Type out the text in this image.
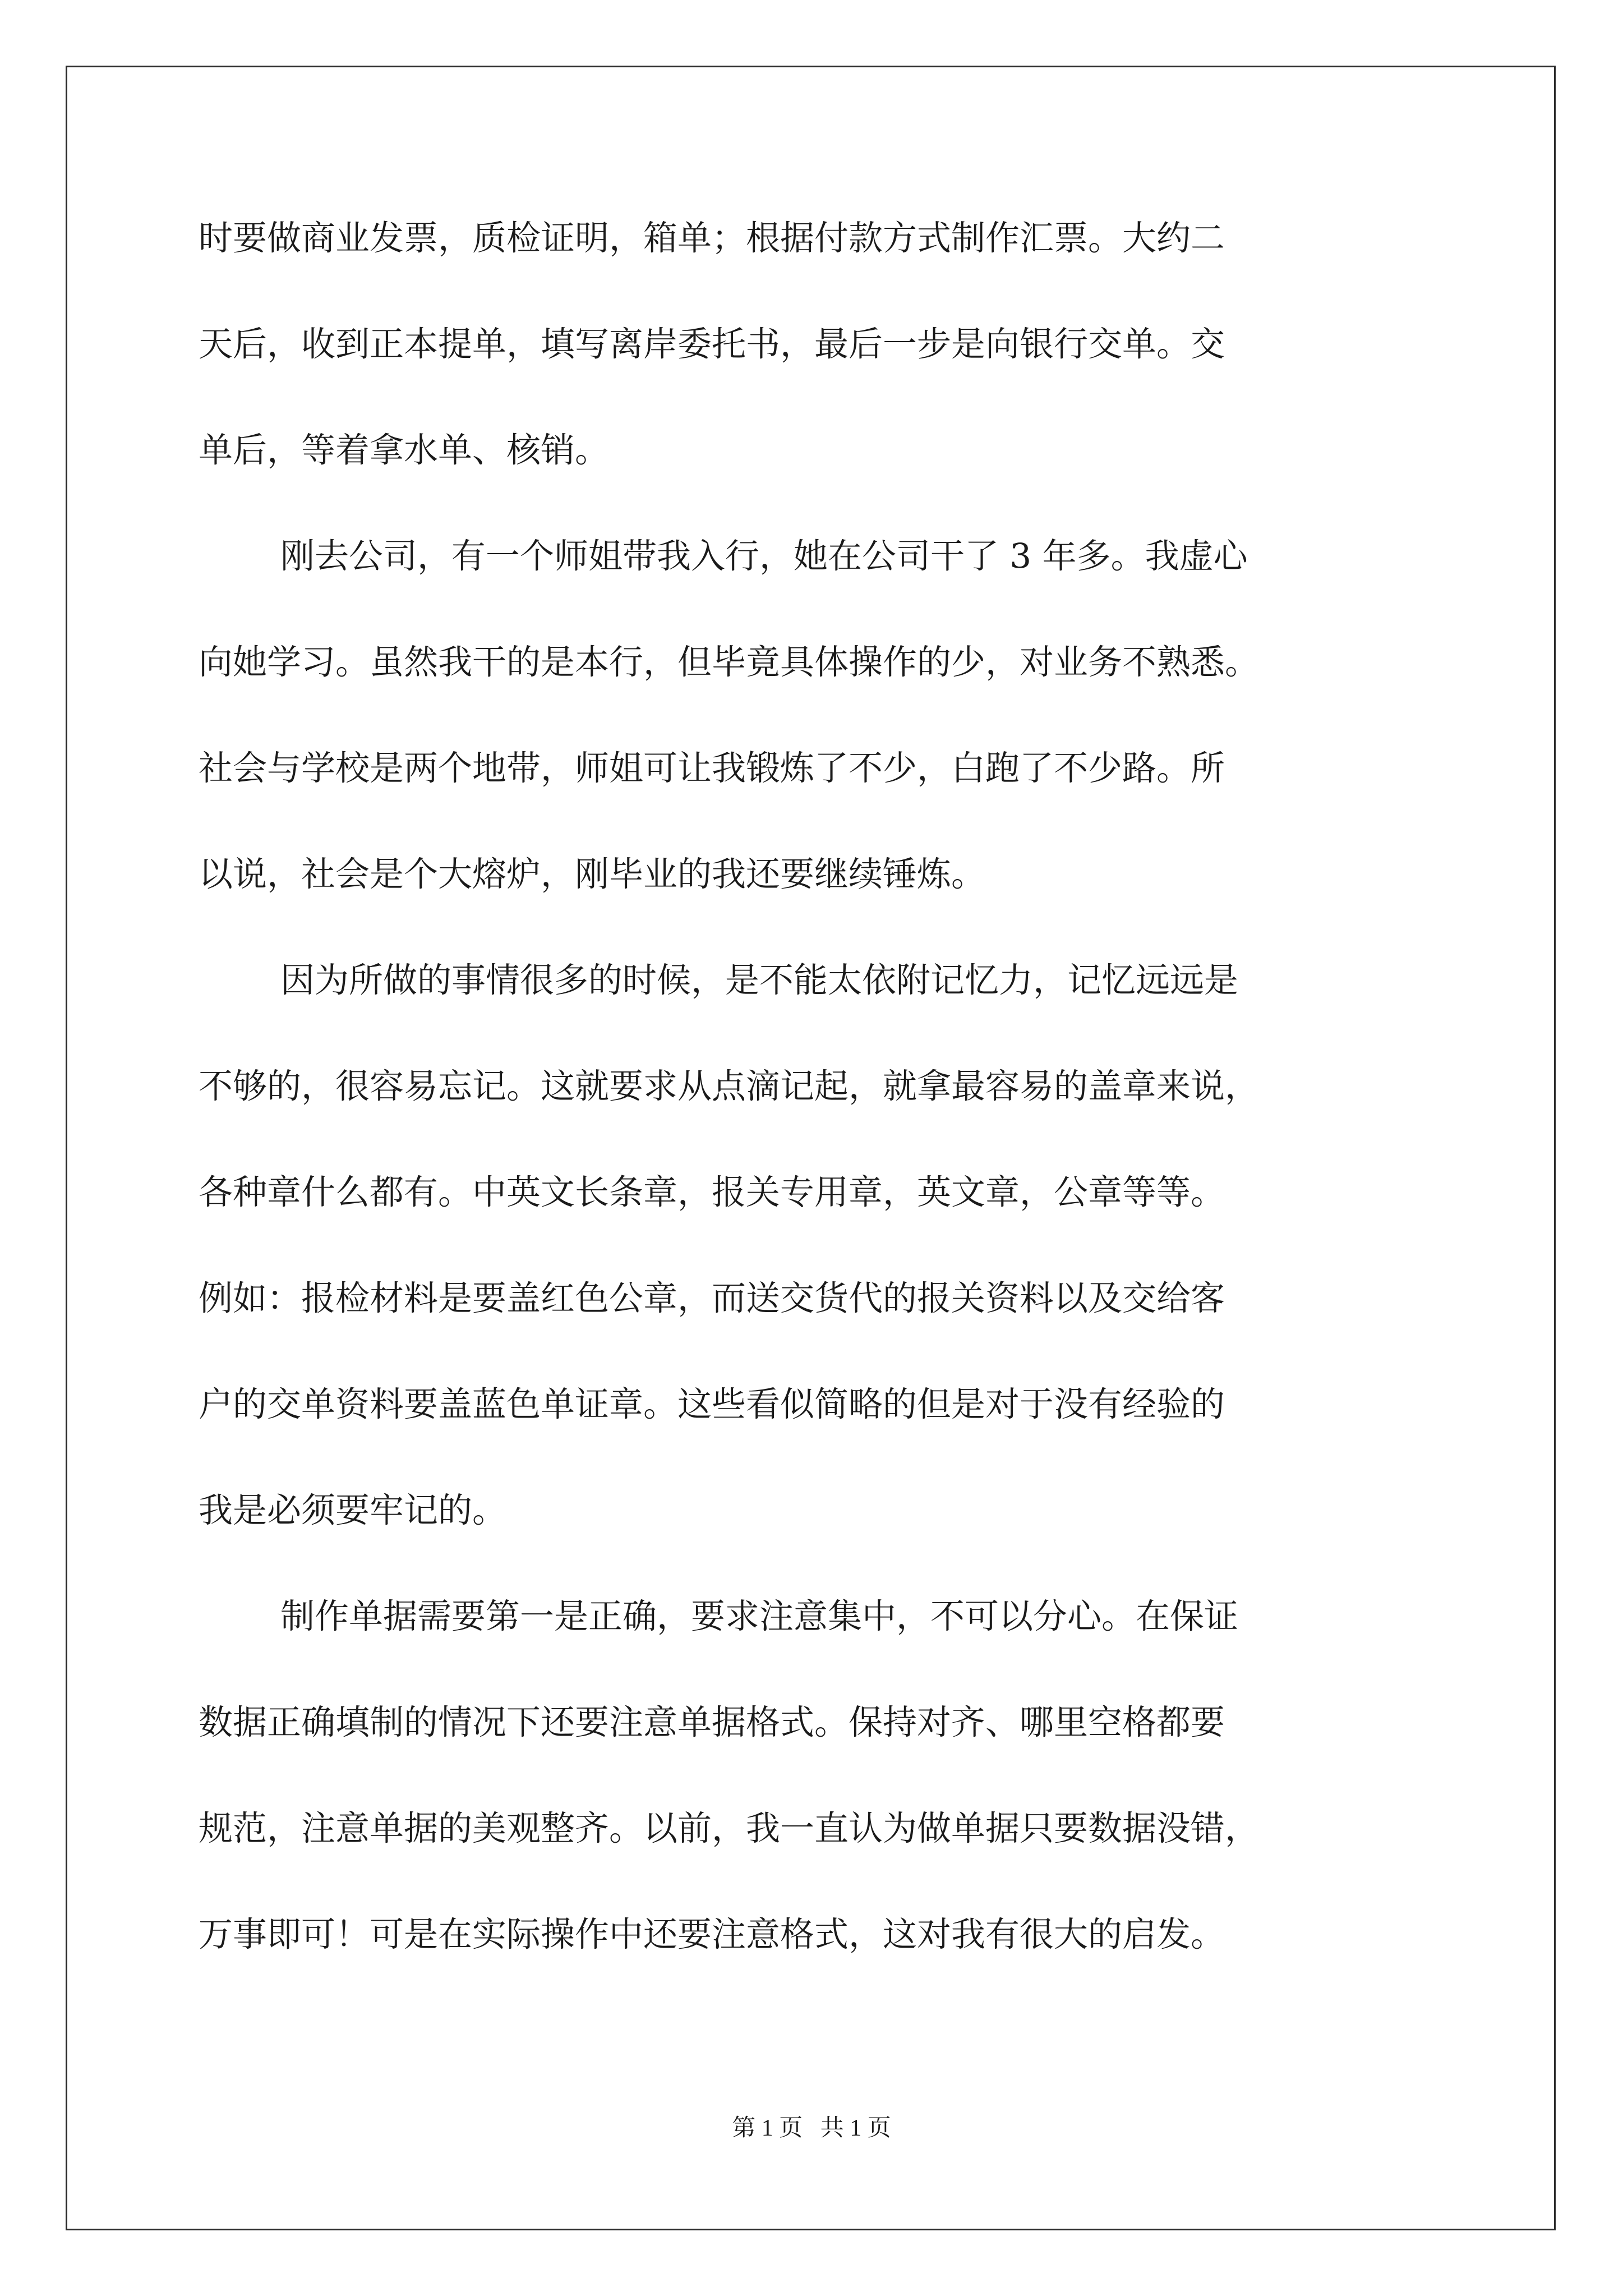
时要做商业发票，质检证明，箱单；根据付款方式制作汇票。大约二
天后，收到正本提单，填写离岸委托书，最后一步是向银行交单。交
单后，等着拿水单、核销。
刚去公司，有一个师姐带我入行，她在公司干了 3 年多。我虚心
向她学习。虽然我干的是本行，但毕竟具体操作的少，对业务不熟悉。
社会与学校是两个地带，师姐可让我锻炼了不少，白跑了不少路。所
以说，社会是个大熔炉，刚毕业的我还要继续锤炼。
因为所做的事情很多的时候，是不能太依附记忆力，记忆远远是
不够的，很容易忘记。这就要求从点滴记起，就拿最容易的盖章来说，
各种章什么都有。中英文长条章，报关专用章，英文章，公章等等。
例如：报检材料是要盖红色公章，而送交货代的报关资料以及交给客
户的交单资料要盖蓝色单证章。这些看似简略的但是对于没有经验的
我是必须要牢记的。
制作单据需要第一是正确，要求注意集中，不可以分心。在保证
数据正确填制的情况下还要注意单据格式。保持对齐、哪里空格都要
规范，注意单据的美观整齐。以前，我一直认为做单据只要数据没错，
万事即可！可是在实际操作中还要注意格式，这对我有很大的启发。
第 1 页   共 1 页
